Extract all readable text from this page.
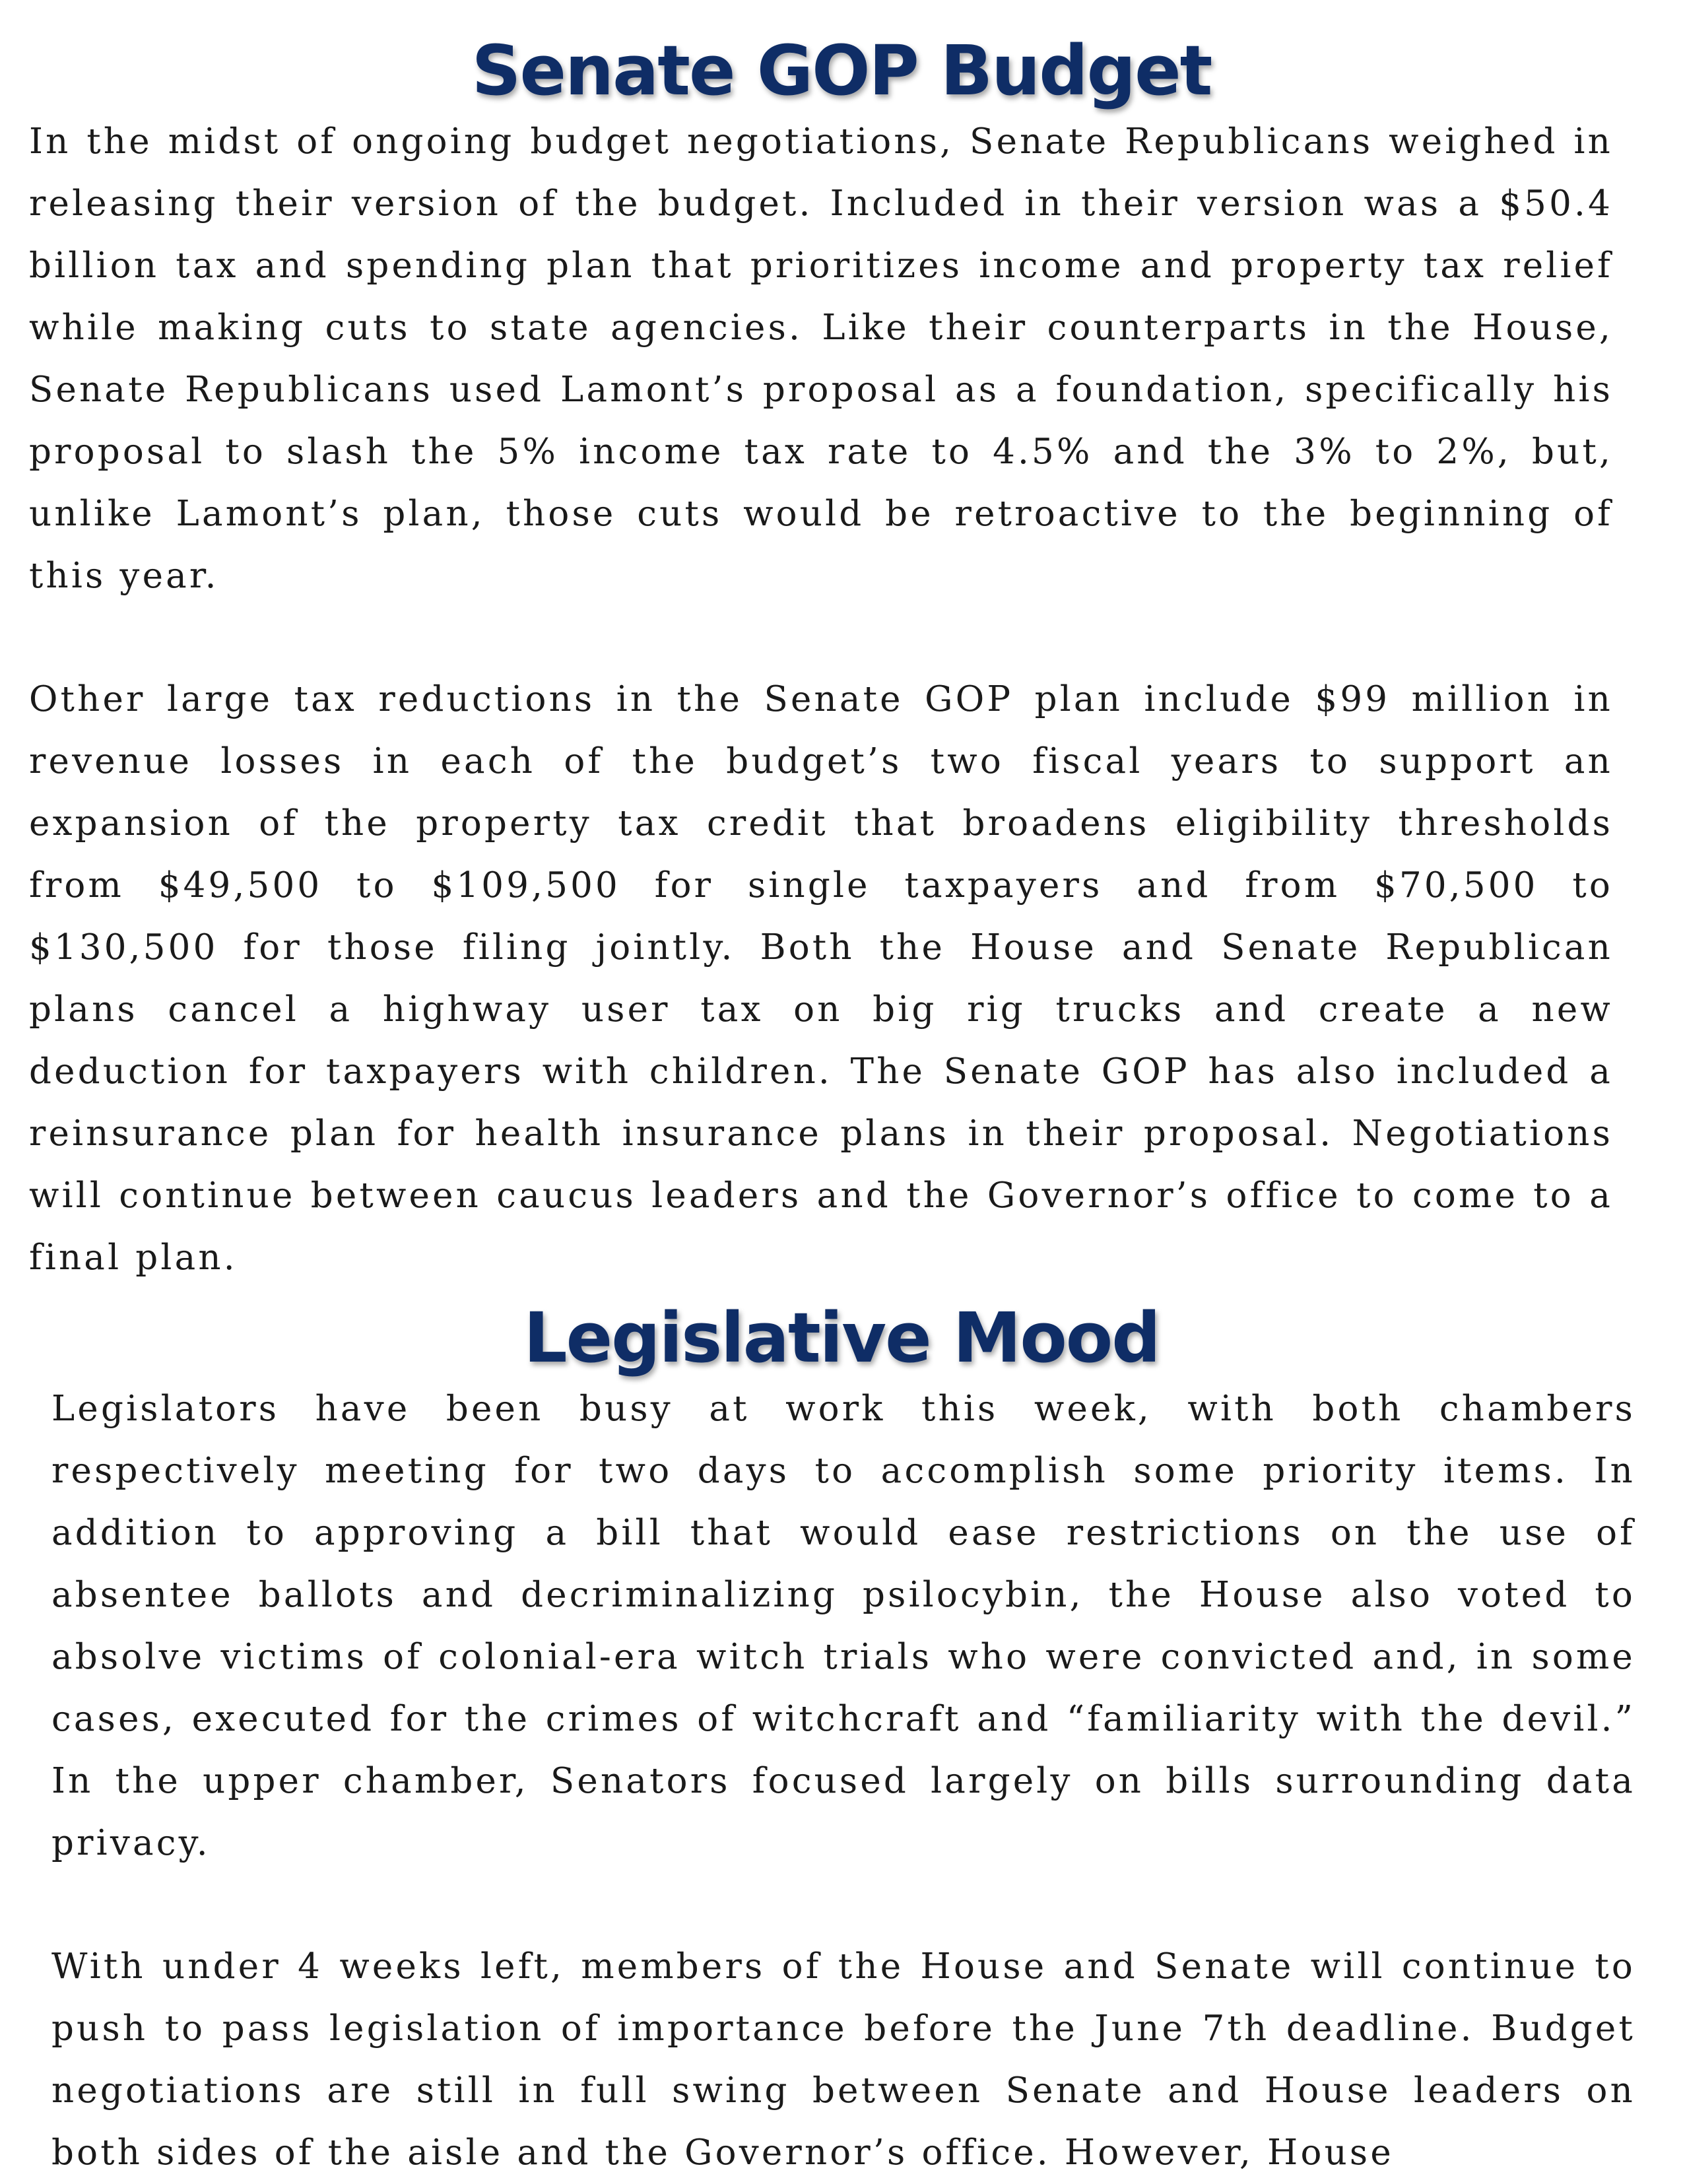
Senate GOP Budget

In the midst of ongoing budget negotiations, Senate Republicans weighed in releasing their version of the budget. Included in their version was a $50.4 billion tax and spending plan that prioritizes income and property tax relief while making cuts to state agencies. Like their counterparts in the House, Senate Republicans used Lamont’s proposal as a foundation, specifically his proposal to slash the 5% income tax rate to 4.5% and the 3% to 2%, but, unlike Lamont’s plan, those cuts would be retroactive to the beginning of this year.

Other large tax reductions in the Senate GOP plan include $99 million in revenue losses in each of the budget’s two fiscal years to support an expansion of the property tax credit that broadens eligibility thresholds from $49,500 to $109,500 for single taxpayers and from $70,500 to $130,500 for those filing jointly. Both the House and Senate Republican plans cancel a highway user tax on big rig trucks and create a new deduction for taxpayers with children. The Senate GOP has also included a reinsurance plan for health insurance plans in their proposal. Negotiations will continue between caucus leaders and the Governor’s office to come to a final plan.

Legislative Mood

Legislators have been busy at work this week, with both chambers respectively meeting for two days to accomplish some priority items. In addition to approving a bill that would ease restrictions on the use of absentee ballots and decriminalizing psilocybin, the House also voted to absolve victims of colonial-era witch trials who were convicted and, in some cases, executed for the crimes of witchcraft and “familiarity with the devil.” In the upper chamber, Senators focused largely on bills surrounding data privacy.

With under 4 weeks left, members of the House and Senate will continue to push to pass legislation of importance before the June 7th deadline. Budget negotiations are still in full swing between Senate and House leaders on both sides of the aisle and the Governor’s office. However, House
